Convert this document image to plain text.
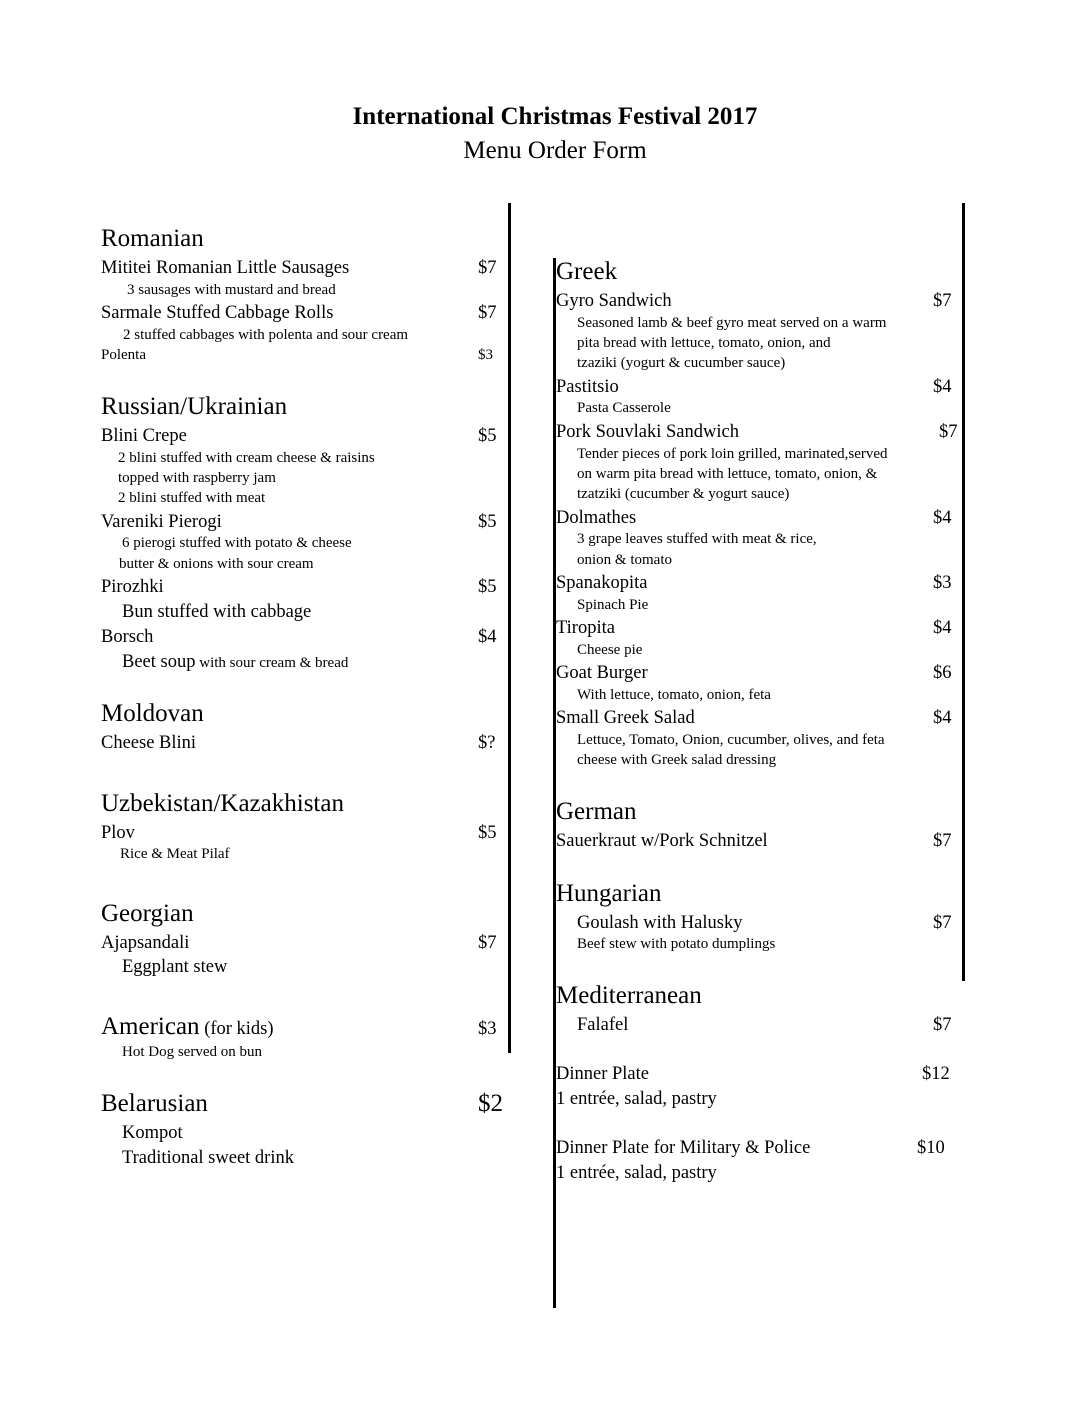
International Christmas Festival 2017
Menu Order Form
Romanian
Mititei Romanian Little Sausages	$7
3 sausages with mustard and bread
Sarmale Stuffed Cabbage Rolls	$7
2 stuffed cabbages with polenta and sour cream
Polenta	$3
Russian/Ukrainian
Blini Crepe	$5
2 blini stuffed with cream cheese & raisins
topped with raspberry jam
2 blini stuffed with meat
Vareniki Pierogi	$5
6 pierogi stuffed with potato & cheese
butter & onions with sour cream
Pirozhki	$5
Bun stuffed with cabbage
Borsch	$4
Beet soup with sour cream & bread
Moldovan
Cheese Blini	$?
Uzbekistan/Kazakhistan
Plov	$5
Rice & Meat Pilaf
Georgian
Ajapsandali	$7
Eggplant stew
American (for kids)	$3
Hot Dog served on bun
Belarusian	$2
Kompot
Traditional sweet drink
Greek
Gyro Sandwich	$7
Seasoned lamb & beef gyro meat served on a warm
pita bread with lettuce, tomato, onion, and
tzaziki (yogurt & cucumber sauce)
Pastitsio	$4
Pasta Casserole
Pork Souvlaki Sandwich	$7
Tender pieces of pork loin grilled, marinated,served
on warm pita bread with lettuce, tomato, onion, &
tzatziki (cucumber & yogurt sauce)
Dolmathes	$4
3 grape leaves stuffed with meat & rice,
onion & tomato
Spanakopita	$3
Spinach Pie
Tiropita	$4
Cheese pie
Goat Burger	$6
With lettuce, tomato, onion, feta
Small Greek Salad	$4
Lettuce, Tomato, Onion, cucumber, olives, and feta
cheese with Greek salad dressing
German
Sauerkraut w/Pork Schnitzel	$7
Hungarian
Goulash with Halusky	$7
Beef stew with potato dumplings
Mediterranean
Falafel	$7
Dinner Plate	$12
1 entrée, salad, pastry
Dinner Plate for Military & Police	$10
1 entrée, salad, pastry
